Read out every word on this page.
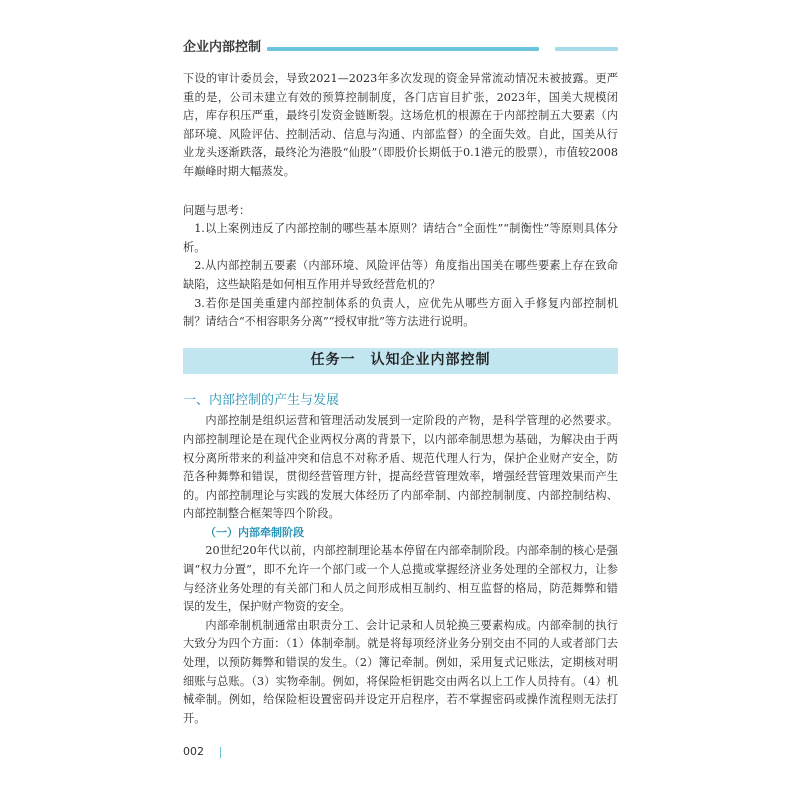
企业内部控制

下设的审计委员会，导致2021—2023年多次发现的资金异常流动情况未被披露。更严重的是，公司未建立有效的预算控制制度，各门店盲目扩张，2023年，国美大规模闭店，库存积压严重，最终引发资金链断裂。这场危机的根源在于内部控制五大要素（内部环境、风险评估、控制活动、信息与沟通、内部监督）的全面失效。自此，国美从行业龙头逐渐跌落，最终沦为港股“仙股”（即股价长期低于0.1港元的股票），市值较2008年巅峰时期大幅蒸发。

问题与思考：

1.以上案例违反了内部控制的哪些基本原则？请结合“全面性”“制衡性”等原则具体分析。

2.从内部控制五要素（内部环境、风险评估等）角度指出国美在哪些要素上存在致命缺陷，这些缺陷是如何相互作用并导致经营危机的？

3.若你是国美重建内部控制体系的负责人，应优先从哪些方面入手修复内部控制机制？请结合“不相容职务分离”“授权审批”等方法进行说明。

任务一　认知企业内部控制

一、内部控制的产生与发展

内部控制是组织运营和管理活动发展到一定阶段的产物，是科学管理的必然要求。内部控制理论是在现代企业两权分离的背景下，以内部牵制思想为基础，为解决由于两权分离所带来的利益冲突和信息不对称矛盾、规范代理人行为，保护企业财产安全，防范各种舞弊和错误，贯彻经营管理方针，提高经营管理效率，增强经营管理效果而产生的。内部控制理论与实践的发展大体经历了内部牵制、内部控制制度、内部控制结构、内部控制整合框架等四个阶段。

（一）内部牵制阶段

20世纪20年代以前，内部控制理论基本停留在内部牵制阶段。内部牵制的核心是强调“权力分置”，即不允许一个部门或一个人总揽或掌握经济业务处理的全部权力，让参与经济业务处理的有关部门和人员之间形成相互制约、相互监督的格局，防范舞弊和错误的发生，保护财产物资的安全。

内部牵制机制通常由职责分工、会计记录和人员轮换三要素构成。内部牵制的执行大致分为四个方面：（1）体制牵制。就是将每项经济业务分别交由不同的人或者部门去处理，以预防舞弊和错误的发生。（2）簿记牵制。例如，采用复式记账法，定期核对明细账与总账。（3）实物牵制。例如，将保险柜钥匙交由两名以上工作人员持有。（4）机械牵制。例如，给保险柜设置密码并设定开启程序，若不掌握密码或操作流程则无法打开。

002
